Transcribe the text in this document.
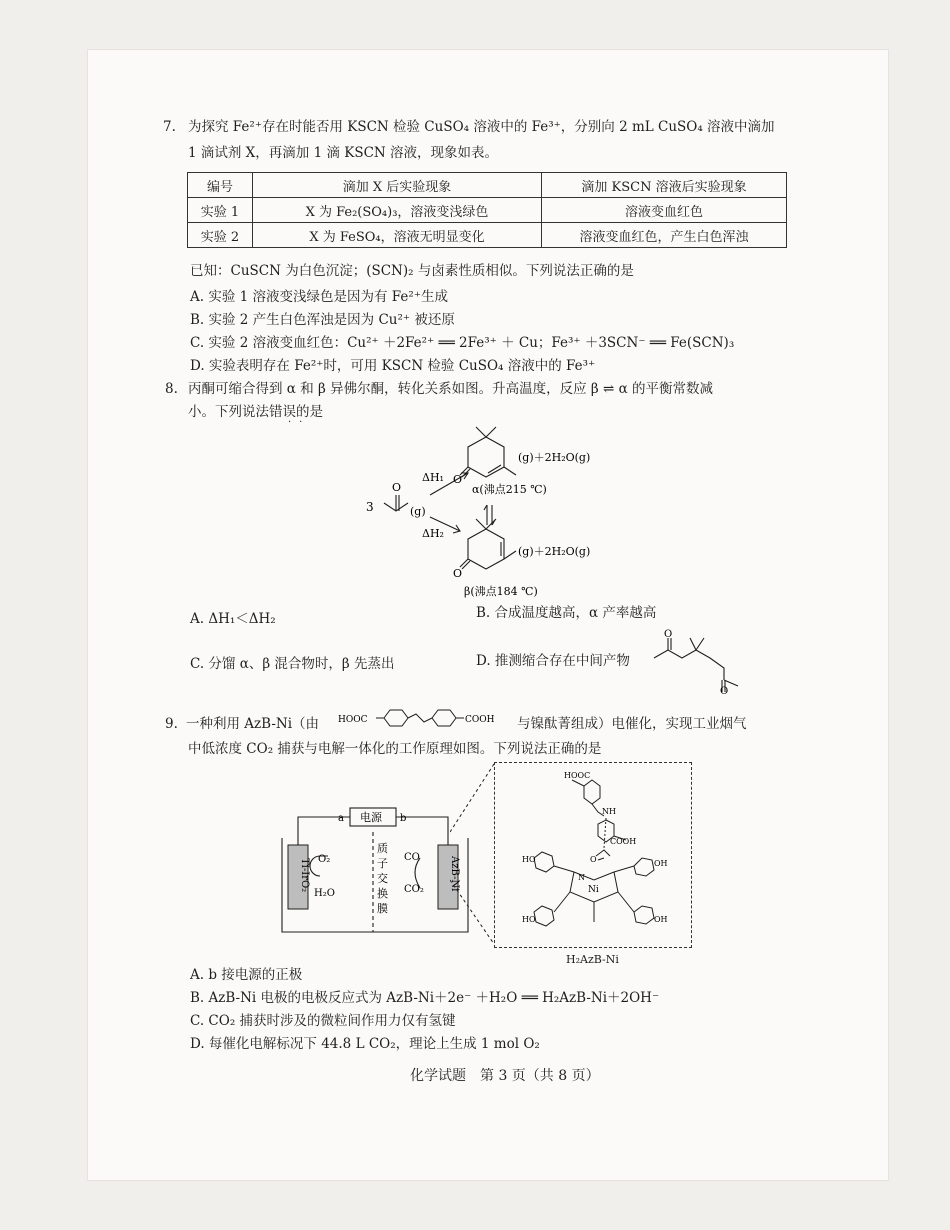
7. 为探究 Fe²⁺存在时能否用 KSCN 检验 CuSO₄ 溶液中的 Fe³⁺，分别向 2 mL CuSO₄ 溶液中滴加
1 滴试剂 X，再滴加 1 滴 KSCN 溶液，现象如表。
编号	滴加 X 后实验现象	滴加 KSCN 溶液后实验现象
实验 1	X 为 Fe₂(SO₄)₃，溶液变浅绿色	溶液变血红色
实验 2	X 为 FeSO₄，溶液无明显变化	溶液变血红色，产生白色浑浊
已知：CuSCN 为白色沉淀；(SCN)₂ 与卤素性质相似。下列说法正确的是
A. 实验 1 溶液变浅绿色是因为有 Fe²⁺生成
B. 实验 2 产生白色浑浊是因为 Cu²⁺ 被还原
C. 实验 2 溶液变血红色：Cu²⁺ ＋2Fe²⁺ ══ 2Fe³⁺ ＋ Cu；Fe³⁺ ＋3SCN⁻ ══ Fe(SCN)₃
D. 实验表明存在 Fe²⁺时，可用 KSCN 检验 CuSO₄ 溶液中的 Fe³⁺
8. 丙酮可缩合得到 α 和 β 异佛尔酮，转化关系如图。升高温度，反应 β ⇌ α 的平衡常数减
小。下列说法错误的是
··
3
O
(g)
ΔH₁
ΔH₂
O
(g)＋2H₂O(g)
α(沸点215 ℃)
O
(g)＋2H₂O(g)
β(沸点184 ℃)
A. ΔH₁＜ΔH₂	B. 合成温度越高，α 产率越高
C. 分馏 α、β 混合物时，β 先蒸出	D. 推测缩合存在中间产物
O
O
9. 一种利用 AzB-Ni（由 HOOC	COOH 与镍酞菁组成）电催化，实现工业烟气
中低浓度 CO₂ 捕获与电解一体化的工作原理如图。下列说法正确的是
a	b
电源
Ti-IrO₂	AzB-Ni
O₂
H₂O
CO
CO₂
质
子
交
换
膜
HOOC
COOH
NH
O
Ni
N
HO	OH
HO	OH
H₂AzB-Ni
A. b 接电源的正极
B. AzB-Ni 电极的电极反应式为 AzB-Ni＋2e⁻ ＋H₂O ══ H₂AzB-Ni＋2OH⁻
C. CO₂ 捕获时涉及的微粒间作用力仅有氢键
D. 每催化电解标况下 44.8 L CO₂，理论上生成 1 mol O₂
化学试题　第 3 页（共 8 页）
